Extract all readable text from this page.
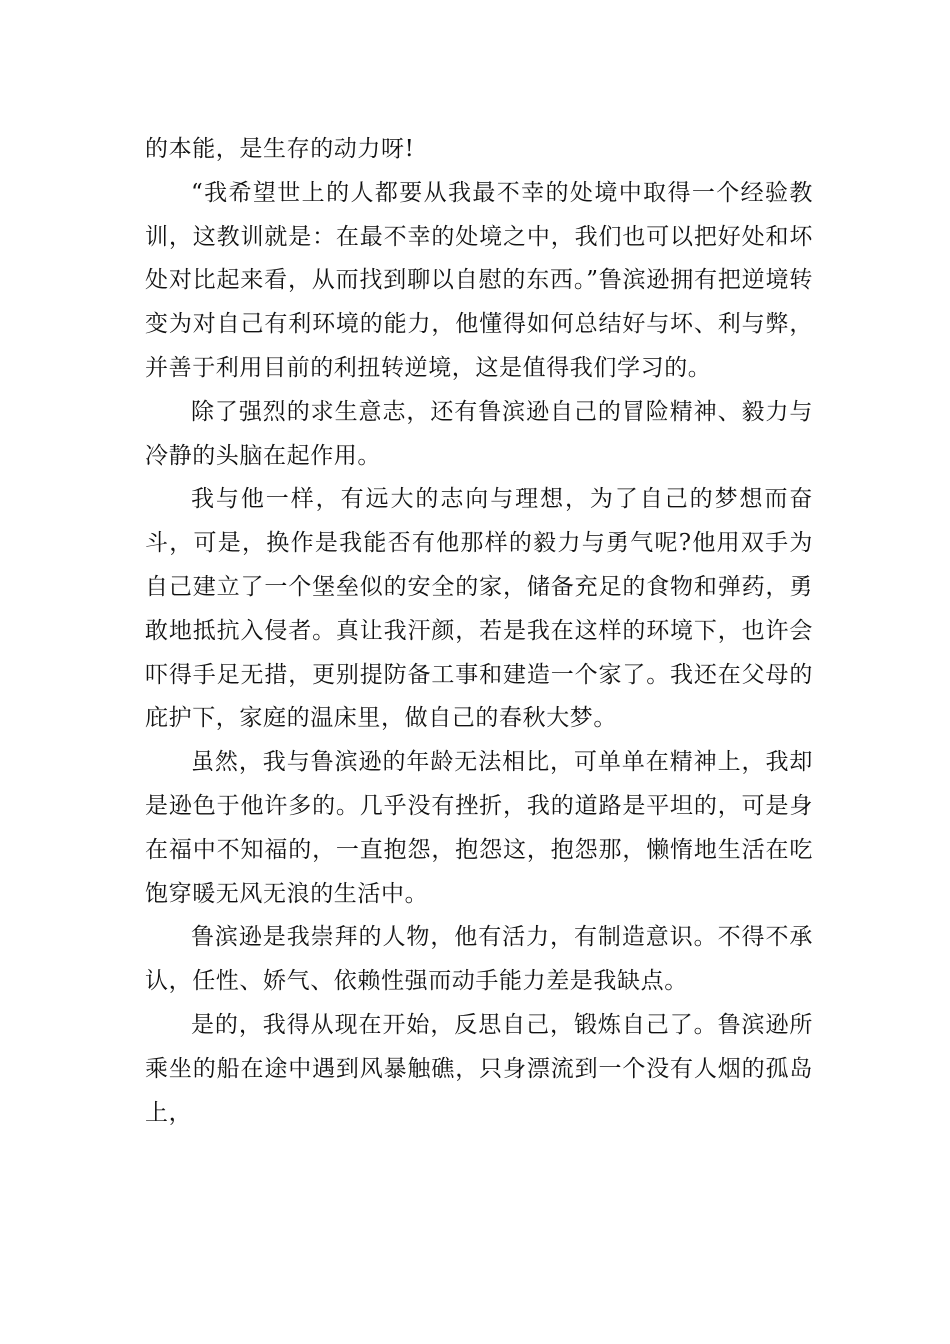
的本能，是生存的动力呀!

“我希望世上的人都要从我最不幸的处境中取得一个经验教训，这教训就是：在最不幸的处境之中，我们也可以把好处和坏处对比起来看，从而找到聊以自慰的东西。”鲁滨逊拥有把逆境转变为对自己有利环境的能力，他懂得如何总结好与坏、利与弊，并善于利用目前的利扭转逆境，这是值得我们学习的。

除了强烈的求生意志，还有鲁滨逊自己的冒险精神、毅力与冷静的头脑在起作用。

我与他一样，有远大的志向与理想，为了自己的梦想而奋斗，可是，换作是我能否有他那样的毅力与勇气呢?他用双手为自己建立了一个堡垒似的安全的家，储备充足的食物和弹药，勇敢地抵抗入侵者。真让我汗颜，若是我在这样的环境下，也许会吓得手足无措，更别提防备工事和建造一个家了。我还在父母的庇护下，家庭的温床里，做自己的春秋大梦。

虽然，我与鲁滨逊的年龄无法相比，可单单在精神上，我却是逊色于他许多的。几乎没有挫折，我的道路是平坦的，可是身在福中不知福的，一直抱怨，抱怨这，抱怨那，懒惰地生活在吃饱穿暖无风无浪的生活中。

鲁滨逊是我崇拜的人物，他有活力，有制造意识。不得不承认，任性、娇气、依赖性强而动手能力差是我缺点。

是的，我得从现在开始，反思自己，锻炼自己了。鲁滨逊所乘坐的船在途中遇到风暴触礁，只身漂流到一个没有人烟的孤岛上，
